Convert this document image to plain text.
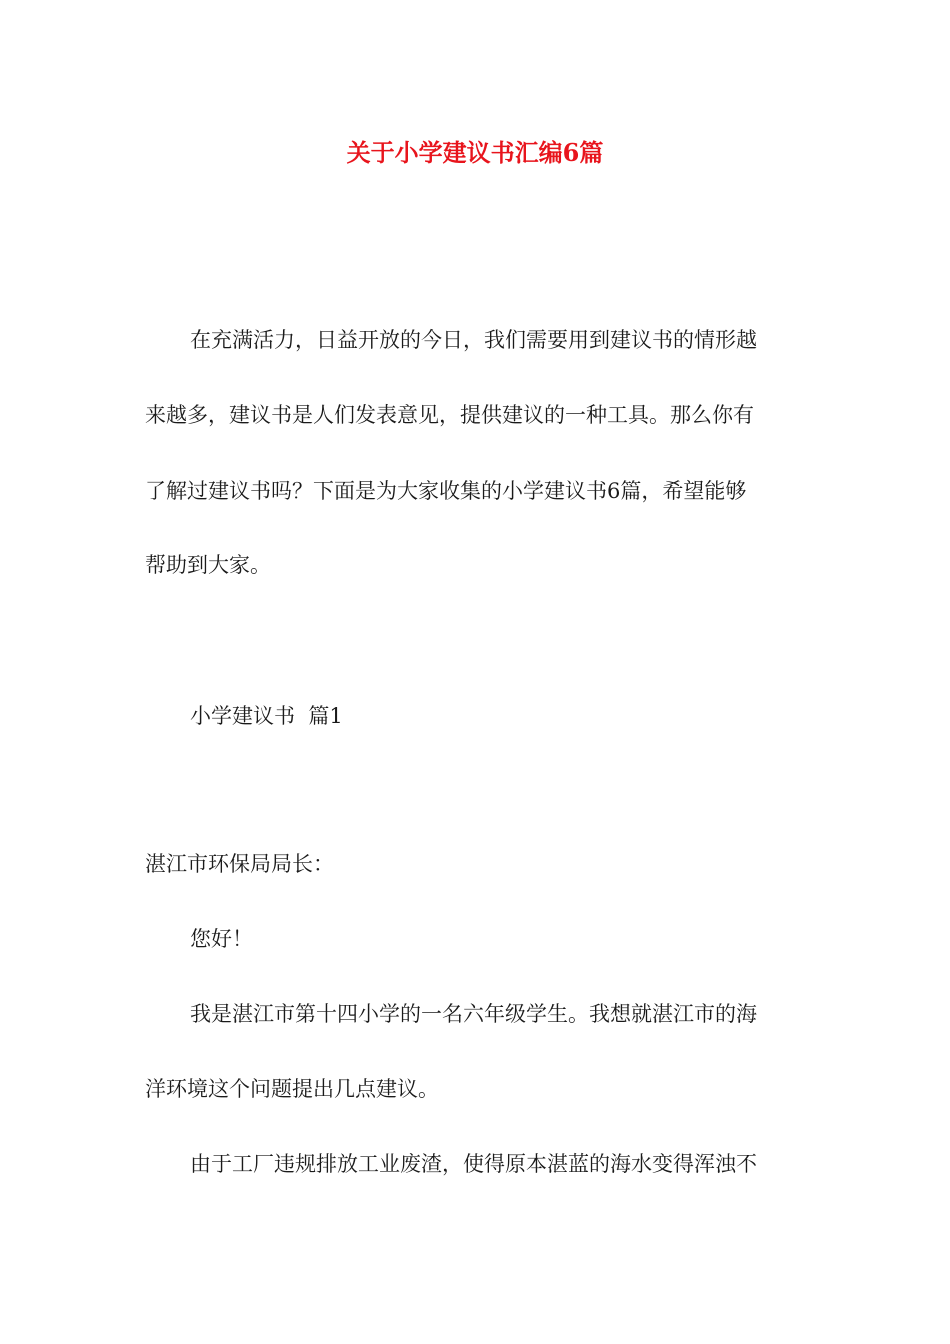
关于小学建议书汇编6篇
在充满活力，日益开放的今日，我们需要用到建议书的情形越
来越多，建议书是人们发表意见，提供建议的一种工具。那么你有
了解过建议书吗？下面是为大家收集的小学建议书6篇，希望能够
帮助到大家。
小学建议书  篇1
湛江市环保局局长：
您好！
我是湛江市第十四小学的一名六年级学生。我想就湛江市的海
洋环境这个问题提出几点建议。
由于工厂违规排放工业废渣，使得原本湛蓝的海水变得浑浊不
